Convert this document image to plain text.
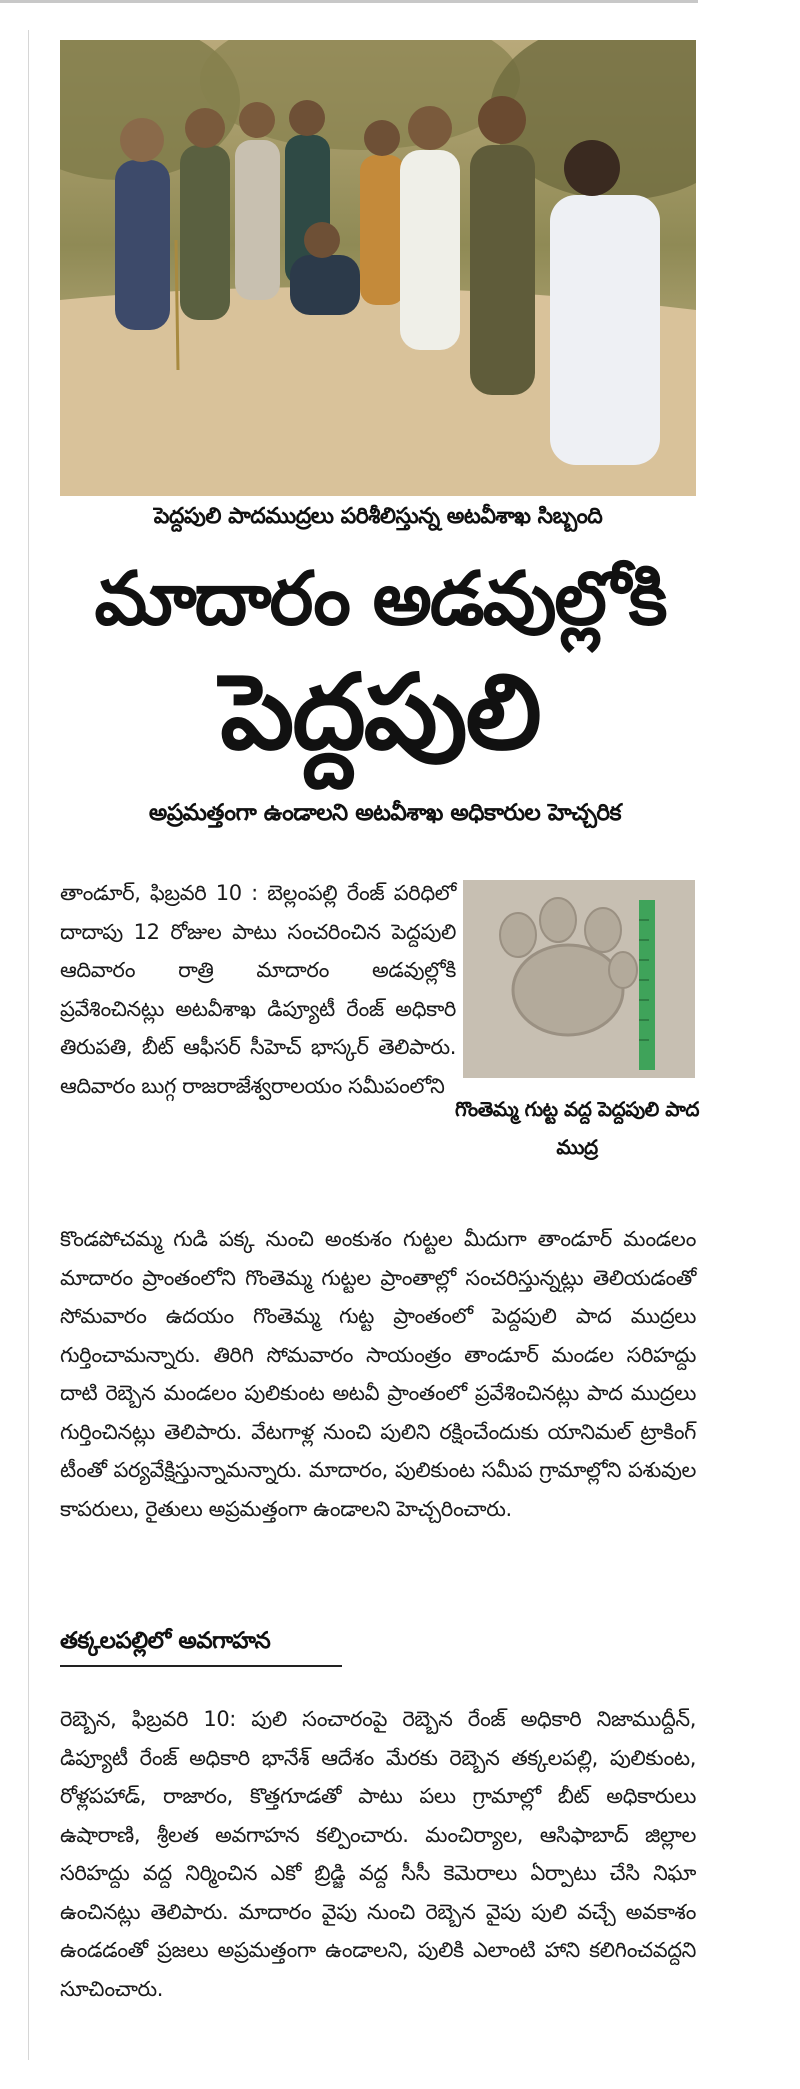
పెద్దపులి పాదముద్రలు పరిశీలిస్తున్న అటవీశాఖ సిబ్బంది
మాదారం అడవుల్లోకి
పెద్దపులి
అప్రమత్తంగా ఉండాలని అటవీశాఖ అధికారుల హెచ్చరిక
గొంతెమ్మ గుట్ట వద్ద పెద్దపులి పాద ముద్ర
తాండూర్‌, ఫిబ్రవరి 10 : బెల్లంపల్లి రేంజ్‌ పరిధిలో దాదాపు 12 రోజుల పాటు సంచరించిన పెద్దపులి ఆదివారం రాత్రి మాదారం అడవుల్లోకి ప్రవేశించినట్లు అటవీశాఖ డిప్యూటీ రేంజ్‌ అధికారి తిరుపతి, బీట్‌ ఆఫీసర్‌ సీహెచ్‌ భాస్కర్‌ తెలిపారు. ఆదివారం బుగ్గ రాజరాజేశ్వరాలయం సమీపంలోని
కొండపోచమ్మ గుడి పక్క నుంచి అంకుశం గుట్టల మీదుగా తాండూర్‌ మండలం మాదారం ప్రాంతంలోని గొంతెమ్మ గుట్టల ప్రాంతాల్లో సంచరిస్తున్నట్లు తెలియడంతో సోమవారం ఉదయం గొంతెమ్మ గుట్ట ప్రాంతంలో పెద్దపులి పాద ముద్రలు గుర్తించామన్నారు. తిరిగి సోమవారం సాయంత్రం తాండూర్‌ మండల సరిహద్దు దాటి రెబ్బెన మండలం పులికుంట అటవీ ప్రాంతంలో ప్రవేశించినట్లు పాద ముద్రలు గుర్తించినట్లు తెలిపారు. వేటగాళ్ల నుంచి పులిని రక్షించేందుకు యానిమల్‌ ట్రాకింగ్‌ టీంతో పర్యవేక్షిస్తున్నామన్నారు. మాదారం, పులికుంట సమీప గ్రామాల్లోని పశువుల కాపరులు, రైతులు అప్రమత్తంగా ఉండాలని హెచ్చరించారు.
తక్కలపల్లిలో అవగాహన
రెబ్బెన, ఫిబ్రవరి 10: పులి సంచారంపై రెబ్బెన రేంజ్‌ అధికారి నిజాముద్దీన్‌, డిప్యూటీ రేంజ్‌ అధికారి భానేశ్‌ ఆదేశం మేరకు రెబ్బెన తక్కలపల్లి, పులికుంట, రోళ్లపహాడ్‌, రాజారం, కొత్తగూడతో పాటు పలు గ్రామాల్లో బీట్‌ అధికారులు ఉషారాణి, శ్రీలత అవగాహన కల్పించారు. మంచిర్యాల, ఆసిఫాబాద్‌ జిల్లాల సరిహద్దు వద్ద నిర్మించిన ఎకో బ్రిడ్జి వద్ద సీసీ కెమెరాలు ఏర్పాటు చేసి నిఘా ఉంచినట్లు తెలిపారు. మాదారం వైపు నుంచి రెబ్బెన వైపు పులి వచ్చే అవకాశం ఉండడంతో ప్రజలు అప్రమత్తంగా ఉండాలని, పులికి ఎలాంటి హాని కలిగించవద్దని సూచించారు.
